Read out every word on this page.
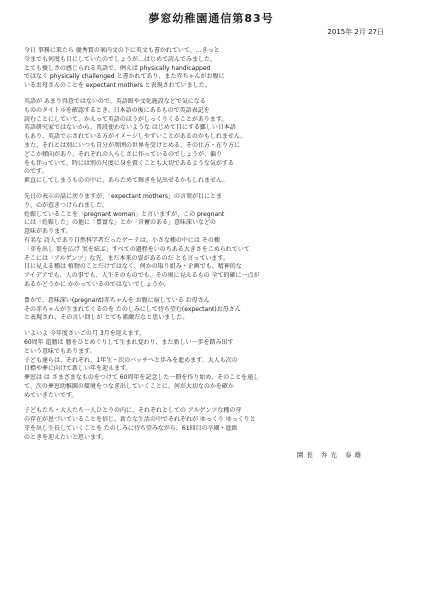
夢窓幼稚園通信第83号
2015年 2月 27日
今日 事務に来たら 優秀賞の案内文の下に英文も書かれていて、…きっと
今までも何度も目にしていたのでしょうが…はじめて読んでみました。
とても優しさの感じられる英語で、例えば physically handicapped
ではなく physically challenged と書かれてあり、また赤ちゃんがお腹に
いるお母さんのことを expectant mothers と表現されていました。
英語が あまり得意ではないので、英語館や文化施設などで気になる
もののタイトルを確認するとき、日本語の後にあるもので英語表記を
読むことにしていて、かえって英語のほうがしっくりくることがあります。
英語研究家ではないから、普段使わないような はじめて目にする難しい日本語
もあり、英語で示されている方がイメージしやすいことがあるのかもしれません。
また、それとは別にいつも自分が周囲の世界を受けとめる、その仕方・在り方に
どこか傾向があり、それぞれの人らしさに作っているのでしょうが、偏り
をも伴っていて、時には別の尺度に身を置くことも大切であるような気がする
のです。
素直にしてしまうものの中に、あらためて輝きを見出せるかもしれません。
先日の表示の話に戻りますが、「expectant mothers」の言葉が目にとま
り、心が惹きつけられました。
妊娠していることを「pregnant woman」と言いますが、この pregnant
には「妊娠した」の他に「豊富な」とか「含蓄のある」意味深いなどの
意味があります。
有名な 詩人であり自然科学者だったゲーテは、小さな種の中には その種
「芽を出し 葉を広げ 実を結ぶ」すべての過程をいのちある大きさをこめられていて
そこには「アルゲンツ」な先、まだ本来の姿があるのだ とも言っています。
目に見える種は 植物のことだけではなく、何かの取り組み・企画でも、精神的な
アイデアでも、人の事でも、人生そのものでも、その奥に見えるもの 全て的確に一点が
あるかどうかに かかっているのではないでしょうか。
豊かで、意味深い(pregnant)赤ちゃんを お腹に宿している お母さん
その赤ちゃんが生まれてくるのを たのしみにして待ち望む(expectant)お母さん
と表現され、その言い回しが とても素敵だなと思いました。
いよいよ 今年度さいごの月 3月を迎えます。
60周年 還暦は 暦をひとめぐりして生まれ変わり、また新しい一歩を踏み出す
という意味でもあります。
子ども達らは、それぞれ、1年生・次のバッチへと歩みを進めます。大人も次の
目標や夢に向けて新しい年を迎えます。
夢窓は は さまざまなものをつけて 60周年を記念した一冊を作り始め、そのことを通し
て、次の夢窓幼稚園の環境をつなぎ出していくことに、何が大切なのかを確か
めていきたいです。
子どもたち・大人たち一人ひとりの内に、それぞれとしての アルゲンツな種の芽
の存在が息づいていることを信じ、新たな生活の中でそれぞれが ゆっくり ゆっくりと
芽を出し生長していくことを たのしみに待ち望みながら、61回目の卒園・進級
のときを迎えたいと思います。
園長 弁光 泰雄
